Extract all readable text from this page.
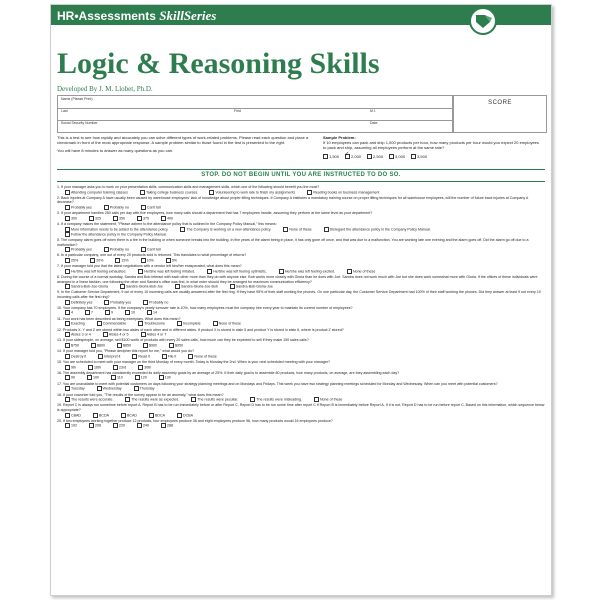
HR•Assessments SkillSeries
Logic & Reasoning Skills
Developed By J. M. Llobet, Ph.D.
Name (Please Print)
Last	First	M.I.
Social Security Number	Date
SCORE
This is a test to see how rapidly and accurately you can solve different types of work-related problems. Please read each question and place a checkmark in front of the most appropriate response. A sample problem similar to those found in the test is presented to the right.
You will have 8 minutes to answer as many questions as you can.
Sample Problem:
If 10 employees can pack and ship 1,000 products per hour, how many products per hour would you expect 20 employees to pack and ship, assuming all employees perform at the same rate?
1,500✓	2,000	2,500	3,000	3,500
STOP. DO NOT BEGIN UNTIL YOU ARE INSTRUCTED TO DO SO.
1. If your manager asks you to work on your presentation skills, communication skills and management skills, which one of the following should benefit you the most?
Attending computer training classes	Taking college business courses	Volunteering to work late to finish my assignments	Reading books on business management
2. Back injuries at Company A have usually been caused by warehouse employees' lack of knowledge about proper lifting techniques. If Company A institutes a mandatory training course on proper lifting techniques for all warehouse employees, will the number of future back injuries at Company A decrease?
Probably yes	Probably no	Can't tell
3. If your department handles 250 calls per day with five employees, how many calls should a department that has 7 employees handle, assuming they perform at the same level as your department?
300	325	350	375	400
4. If a company makes the statement, "Please adhere to the attendance policy that is outlined in the Company Policy Manual," this means:
More information needs to be added to the attendance policy.	The Company is working on a new attendance policy.	None of these	Disregard the attendance policy in the Company Policy Manual.Follow the attendance policy in the Company Policy Manual.
5. The company alarm goes off when there is a fire in the building or when someone breaks into the building. In five years of the alarm being in place, it has only gone off once, and that was due to a malfunction. You are working late one evening and the alarm goes off. Did the alarm go off due to a malfunction?
Probably yes	Probably no	Can't tell
6. In a particular company, one out of every 20 products sold is returned. This translates to what percentage of returns?
25%	20%	15%	10%	5%
7. If your manager told you that the latest negotiations with a vendor left him/her exasperated, what does this mean?
He/She was left feeling exhausted.	He/She was left feeling irritated.	He/She was left feeling optimistic.	He/She was left feeling excited.	None of these
8. During the course of a normal workday, Sandra and Bob interact with each other more than they do with anyone else. Bob works more closely with Gloria than he does with Joe. Sandra does not work much with Joe but she does work somewhat more with Gloria. If the offices of these individuals were arranged in a linear fashion, one following the other and Sandra's office was first, in what order should they be arranged for maximum communication efficiency?
Sandra-Bob-Joe-Gloria	Sandra-Gloria-Bob-Joe	Sandra-Gloria-Joe-Bob	Sandra-Bob-Gloria-Joe
9. In the Customer Service Department, 9 out of every 10 incoming calls are usually answered after the first ring. If they have 95% of their staff working the phones, On one particular day, the Customer Service Department had 100% of their staff working the phones. Did they answer at least 9 out every 10 incoming calls after the first ring?
Definitely yes	Probably yes	Probably no
10. Your company has 70 employees. If the company's yearly turnover rate is 10%, how many employees must the company hire every year to maintain its current number of employees?
4	7	9	10	14
11. Your work has been described as being exemplary. What does this mean?
Exacting	Commendable	Troublesome	Incomplete	None of these
12. Products X, Y and Z are stored within two aisles of each other and in different aisles. If product X is stored in aisle 5 and product Y is stored in aisle 6, where is product Z stored?
Aisles 3 or 4	Aisles 4 or 5	Aisles 4 or 7
13. If your salespeople, on average, sell $100 worth of products with every 20 sales calls, how much can they be expected to sell if they make 150 sales calls?
$750	$800	$850	$900	$950
14. If your manager told you, "Please decipher this report for me," what would you do?
Destroy it	Interpret it	Read it	File it	None of these
15. You are scheduled to meet with your manager on the third Monday of every month. Today is Monday the 2nd. When is your next scheduled meeting with your manager?
9th	16th	23rd	30th
16. The assembly department has consistently exceeded its daily assembly goals by an average of 25%. If their daily goal is to assemble 80 products, how many products, on average, are they assembling each day?
90	100	110	120	130
17. You are unavailable to meet with potential customers on days following your strategy planning meetings and on Mondays and Fridays. This week you have two strategy planning meetings scheduled for Monday and Wednesday. When can you meet with potential customers?
Tuesday	Wednesday	Thursday
18. If your coworker told you, "The results of the survey appear to be an anomaly," what does this mean?
The results were accurate.	The results were as expected.	The results were peculiar.	The results were misleading.	None of these
19. Report C is always run sometime before report A. Report B has to be run immediately before or after Report C. Report D has to be run some time after report C if Report B is immediately before Report A. If it is not, Report D has to be run before report C. Based on this information, which sequence below is appropriate?
CBAD	BCDA	BCAD	BDCA	DCBA
20. If two employees working together produce 12 products, four employees produce 36 and eight employees produce 96, how many products would 16 employees produce?
192	208	220	240	288
